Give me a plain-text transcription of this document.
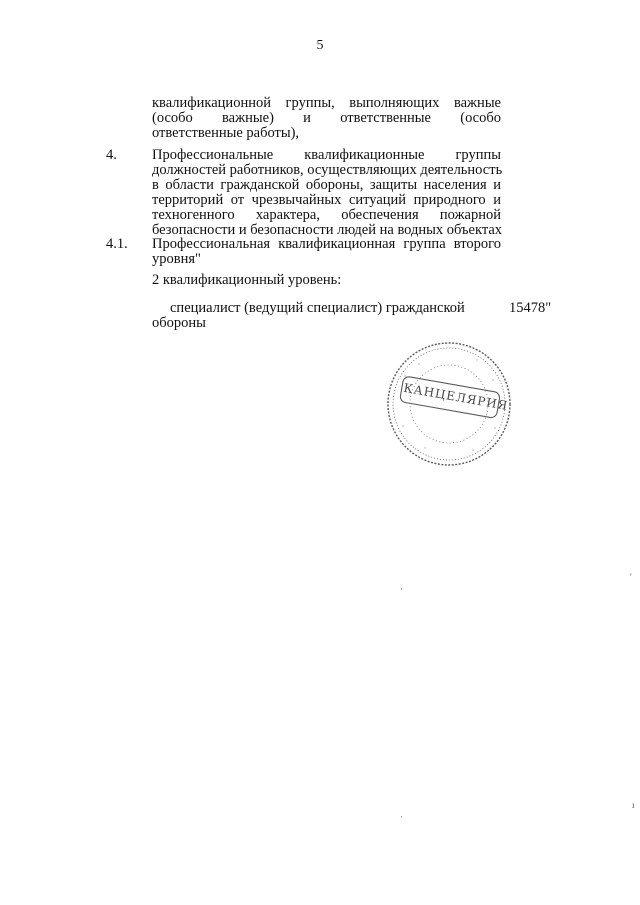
5
квалификационной группы, выполняющих важные
(особо важные) и ответственные (особо
ответственные работы),
4. Профессиональные квалификационные группы
должностей работников, осуществляющих деятельность
в области гражданской обороны, защиты населения и
территорий от чрезвычайных ситуаций природного и
техногенного характера, обеспечения пожарной
безопасности и безопасности людей на водных объектах
4.1. Профессиональная квалификационная группа второго
уровня"
2 квалификационный уровень:
специалист (ведущий специалист) гражданской
обороны
15478"
КАНЦЕЛЯРИЯ
·
'
·
ı
